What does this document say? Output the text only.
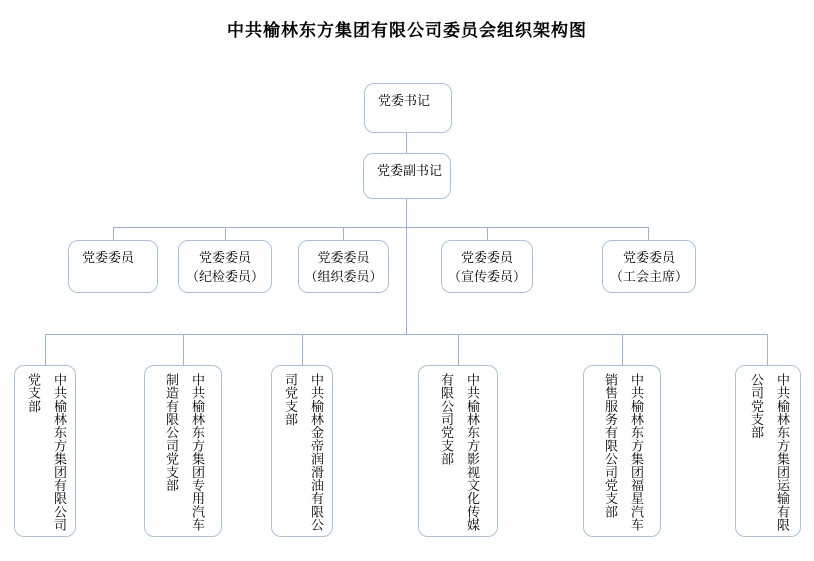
中共榆林东方集团有限公司委员会组织架构图
党委书记
党委副书记
党委委员	党委委员
（纪检委员）
党委委员
（组织委员）
党委委员
（宣传委员）
党委委员
（工会主席）
中共榆林东方集团有限公司党支部	中共榆林东方集团专用汽车制造有限公司党支部	中共榆林金帝润滑油有限公司党支部	中共榆林东方影视文化传媒有限公司党支部	中共榆林东方集团福星汽车销售服务有限公司党支部	中共榆林东方集团运输有限公司党支部
